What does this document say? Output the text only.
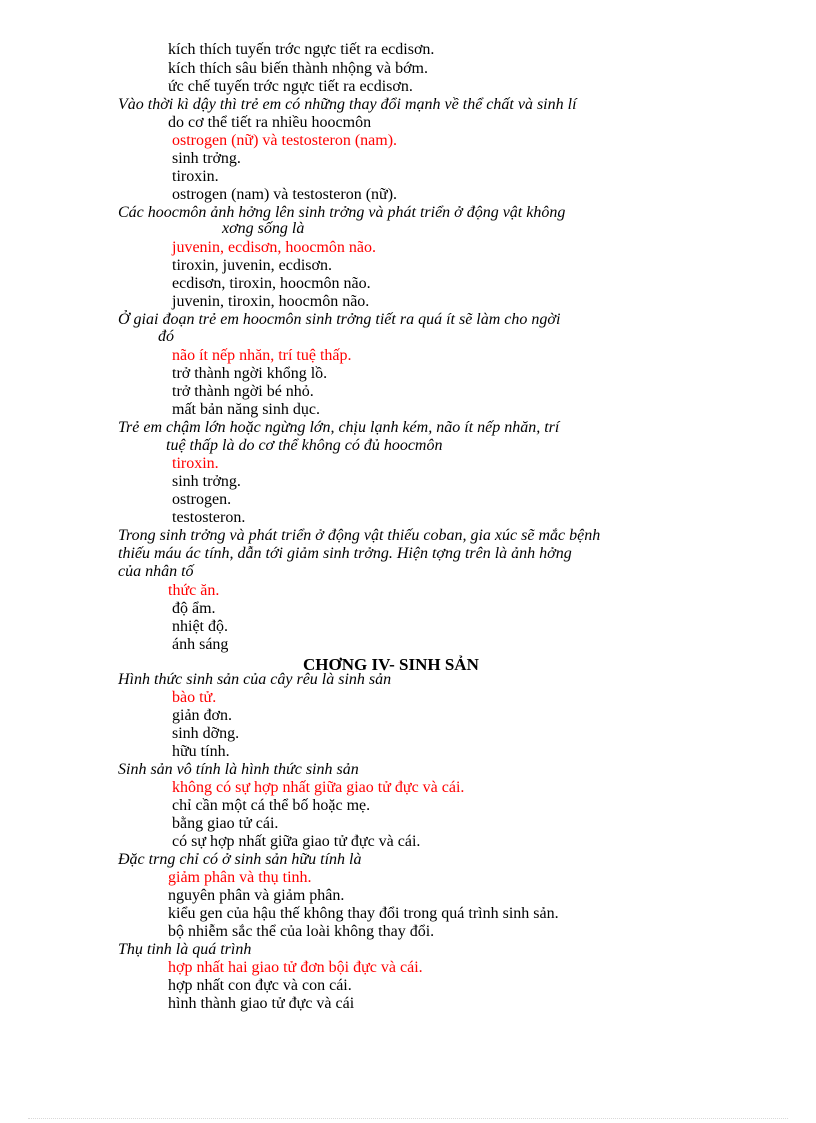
kích thích tuyến trớc ngực tiết ra ecdisơn.
kích thích sâu biến thành nhộng và bớm.
ức chế tuyến trớc ngực tiết ra ecdisơn.
Vào thời kì dậy thì trẻ em có những thay đổi mạnh về thể chất và sinh lí
do cơ thể tiết ra nhiều hoocmôn
ostrogen (nữ) và testosteron (nam).
sinh trởng.
tiroxin.
ostrogen (nam) và testosteron (nữ).
Các hoocmôn ảnh hởng lên sinh trởng và phát triển ở động vật không
xơng sống là
juvenin, ecdisơn, hoocmôn não.
tiroxin, juvenin, ecdisơn.
ecdisơn, tiroxin, hoocmôn não.
juvenin, tiroxin, hoocmôn não.
Ở giai đoạn trẻ em hoocmôn sinh trởng tiết ra quá ít sẽ làm cho ngời
đó
não ít nếp nhăn, trí tuệ thấp.
trở thành ngời khổng lồ.
trở thành ngời bé nhỏ.
mất bản năng sinh dục.
Trẻ em chậm lớn hoặc ngừng lớn, chịu lạnh kém, não ít nếp nhăn, trí
tuệ thấp là do cơ thể không có đủ hoocmôn
tiroxin.
sinh trởng.
ostrogen.
testosteron.
Trong sinh trởng và phát triển ở động vật thiếu coban, gia xúc sẽ mắc bệnh
thiếu máu ác tính, dẫn tới giảm sinh trởng. Hiện tợng trên là ảnh hởng
của nhân tố
thức ăn.
độ ẩm.
nhiệt độ.
ánh sáng
CHƠNG IV- SINH SẢN
Hình thức sinh sản của cây rêu là sinh sản
bào tử.
giản đơn.
sinh dỡng.
hữu tính.
Sinh sản vô tính là hình thức sinh sản
không có sự hợp nhất giữa giao tử đực và cái.
chỉ cần một cá thể bố hoặc mẹ.
bằng giao tử cái.
có sự hợp nhất giữa giao tử đực và cái.
Đặc trng chỉ có ở sinh sản hữu tính là
giảm phân và thụ tinh.
nguyên phân và giảm phân.
kiểu gen của hậu thế không thay đổi trong quá trình sinh sản.
bộ nhiễm sắc thể của loài không thay đổi.
Thụ tinh là quá trình
hợp nhất hai giao tử đơn bội đực và cái.
hợp nhất con đực và con cái.
hình thành giao tử đực và cái
